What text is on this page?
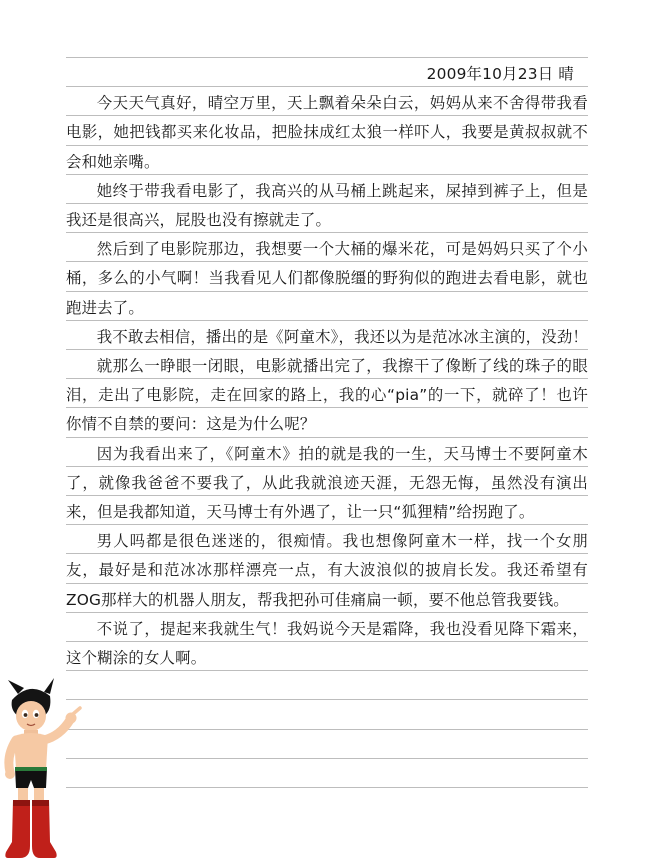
2009年10月23日 晴

今天天气真好，晴空万里，天上飘着朵朵白云，妈妈从来不舍得带我看电影，她把钱都买来化妆品，把脸抹成红太狼一样吓人，我要是黄叔叔就不会和她亲嘴。

她终于带我看电影了，我高兴的从马桶上跳起来，屎掉到裤子上，但是我还是很高兴，屁股也没有擦就走了。

然后到了电影院那边，我想要一个大桶的爆米花，可是妈妈只买了个小桶，多么的小气啊！当我看见人们都像脱缰的野狗似的跑进去看电影，就也跑进去了。

我不敢去相信，播出的是《阿童木》，我还以为是范冰冰主演的，没劲！

就那么一睁眼一闭眼，电影就播出完了，我擦干了像断了线的珠子的眼泪，走出了电影院，走在回家的路上，我的心“pia”的一下，就碎了！也许你情不自禁的要问：这是为什么呢？

因为我看出来了，《阿童木》拍的就是我的一生，天马博士不要阿童木了，就像我爸爸不要我了，从此我就浪迹天涯，无怨无悔，虽然没有演出来，但是我都知道，天马博士有外遇了，让一只“狐狸精”给拐跑了。

男人吗都是很色迷迷的，很痴情。我也想像阿童木一样，找一个女朋友，最好是和范冰冰那样漂亮一点，有大波浪似的披肩长发。我还希望有ZOG那样大的机器人朋友，帮我把孙可佳痛扁一顿，要不他总管我要钱。

不说了，提起来我就生气！我妈说今天是霜降，我也没看见降下霜来，这个糊涂的女人啊。
